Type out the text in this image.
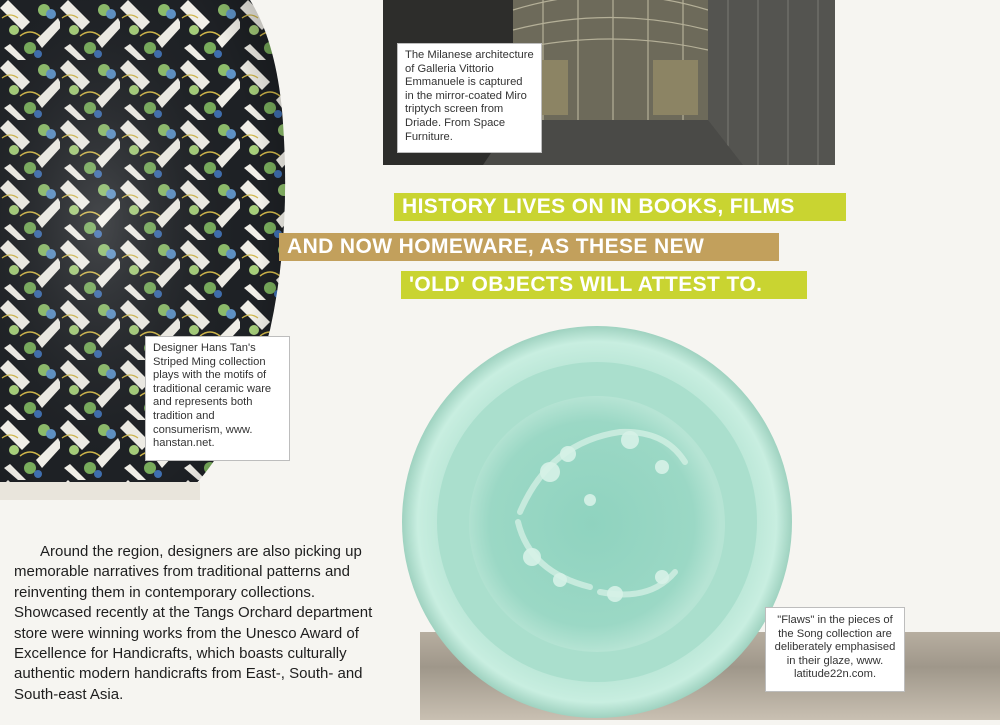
The Milanese architecture of Galleria Vittorio Emmanuele is captured in the mirror-coated Miro triptych screen from Driade. From Space Furniture.

HISTORY LIVES ON IN BOOKS, FILMS
AND NOW HOMEWARE, AS THESE NEW
'OLD' OBJECTS WILL ATTEST TO.

Designer Hans Tan's Striped Ming collection plays with the motifs of traditional ceramic ware and represents both tradition and consumerism, www. hanstan.net.

"Flaws" in the pieces of the Song collection are deliberately emphasised in their glaze, www. latitude22n.com.

Around the region, designers are also picking up memorable narratives from traditional patterns and reinventing them in contemporary collections. Showcased recently at the Tangs Orchard department store were winning works from the Unesco Award of Excellence for Handicrafts, which boasts culturally authentic modern handicrafts from East-, South- and South-east Asia.
